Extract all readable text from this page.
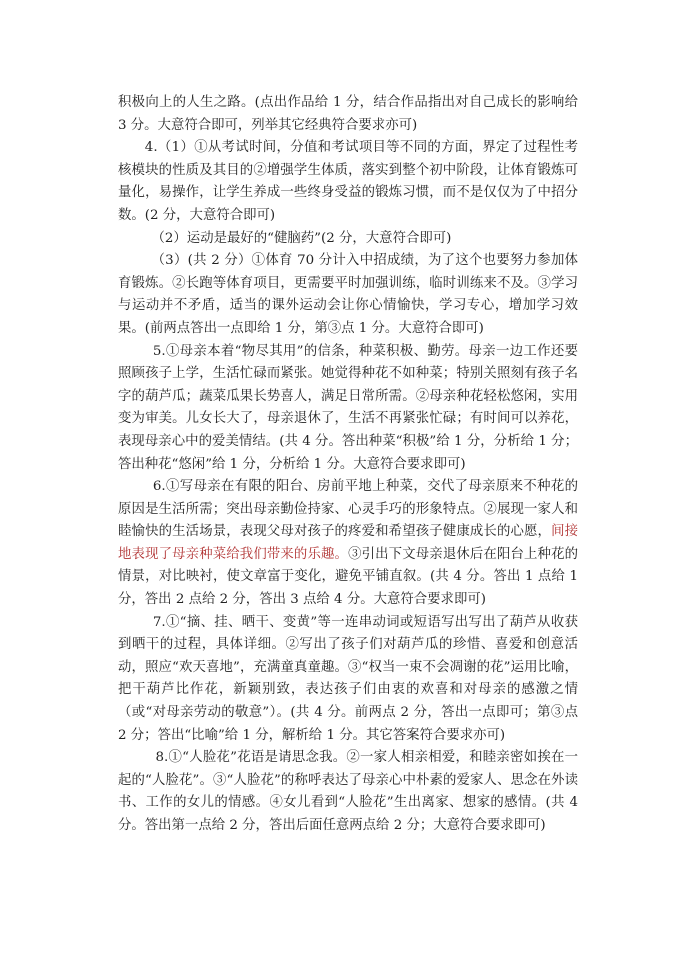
积极向上的人生之路。(点出作品给 1 分，结合作品指出对自己成长的影响给 3 分。大意符合即可，列举其它经典符合要求亦可)

4.（1）①从考试时间，分值和考试项目等不同的方面，界定了过程性考核模块的性质及其目的②增强学生体质，落实到整个初中阶段，让体育锻炼可量化，易操作，让学生养成一些终身受益的锻炼习惯，而不是仅仅为了中招分数。(2 分，大意符合即可)

（2）运动是最好的“健脑药”(2 分，大意符合即可)

（3）(共 2 分）①体育 70 分计入中招成绩，为了这个也要努力参加体育锻炼。②长跑等体育项目，更需要平时加强训练，临时训练来不及。③学习与运动并不矛盾，适当的课外运动会让你心情愉快，学习专心，增加学习效果。(前两点答出一点即给 1 分，第③点 1 分。大意符合即可)

5.①母亲本着“物尽其用”的信条，种菜积极、勤劳。母亲一边工作还要照顾孩子上学，生活忙碌而紧张。她觉得种花不如种菜；特别关照刻有孩子名字的葫芦瓜；蔬菜瓜果长势喜人，满足日常所需。②母亲种花轻松悠闲，实用变为审美。儿女长大了，母亲退休了，生活不再紧张忙碌；有时间可以养花，表现母亲心中的爱美情结。(共 4 分。答出种菜“积极”给 1 分，分析给 1 分；答出种花“悠闲”给 1 分，分析给 1 分。大意符合要求即可)

6.①写母亲在有限的阳台、房前平地上种菜，交代了母亲原来不种花的原因是生活所需；突出母亲勤俭持家、心灵手巧的形象特点。②展现一家人和睦愉快的生活场景，表现父母对孩子的疼爱和希望孩子健康成长的心愿，间接地表现了母亲种菜给我们带来的乐趣。③引出下文母亲退休后在阳台上种花的情景，对比映衬，使文章富于变化，避免平铺直叙。(共 4 分。答出 1 点给 1 分，答出 2 点给 2 分，答出 3 点给 4 分。大意符合要求即可)

7.①“摘、挂、晒干、变黄”等一连串动词或短语写出写出了葫芦从收获到晒干的过程，具体详细。②写出了孩子们对葫芦瓜的珍惜、喜爱和创意活动，照应“欢天喜地”，充满童真童趣。③“权当一束不会凋谢的花”运用比喻，把干葫芦比作花，新颖别致，表达孩子们由衷的欢喜和对母亲的感激之情（或“对母亲劳动的敬意”）。(共 4 分。前两点 2 分，答出一点即可；第③点 2 分；答出“比喻”给 1 分，解析给 1 分。其它答案符合要求亦可)

8.①“人脸花”花语是请思念我。②一家人相亲相爱，和睦亲密如挨在一起的“人脸花”。③“人脸花”的称呼表达了母亲心中朴素的爱家人、思念在外读书、工作的女儿的情感。④女儿看到“人脸花”生出离家、想家的感情。(共 4 分。答出第一点给 2 分，答出后面任意两点给 2 分；大意符合要求即可)
